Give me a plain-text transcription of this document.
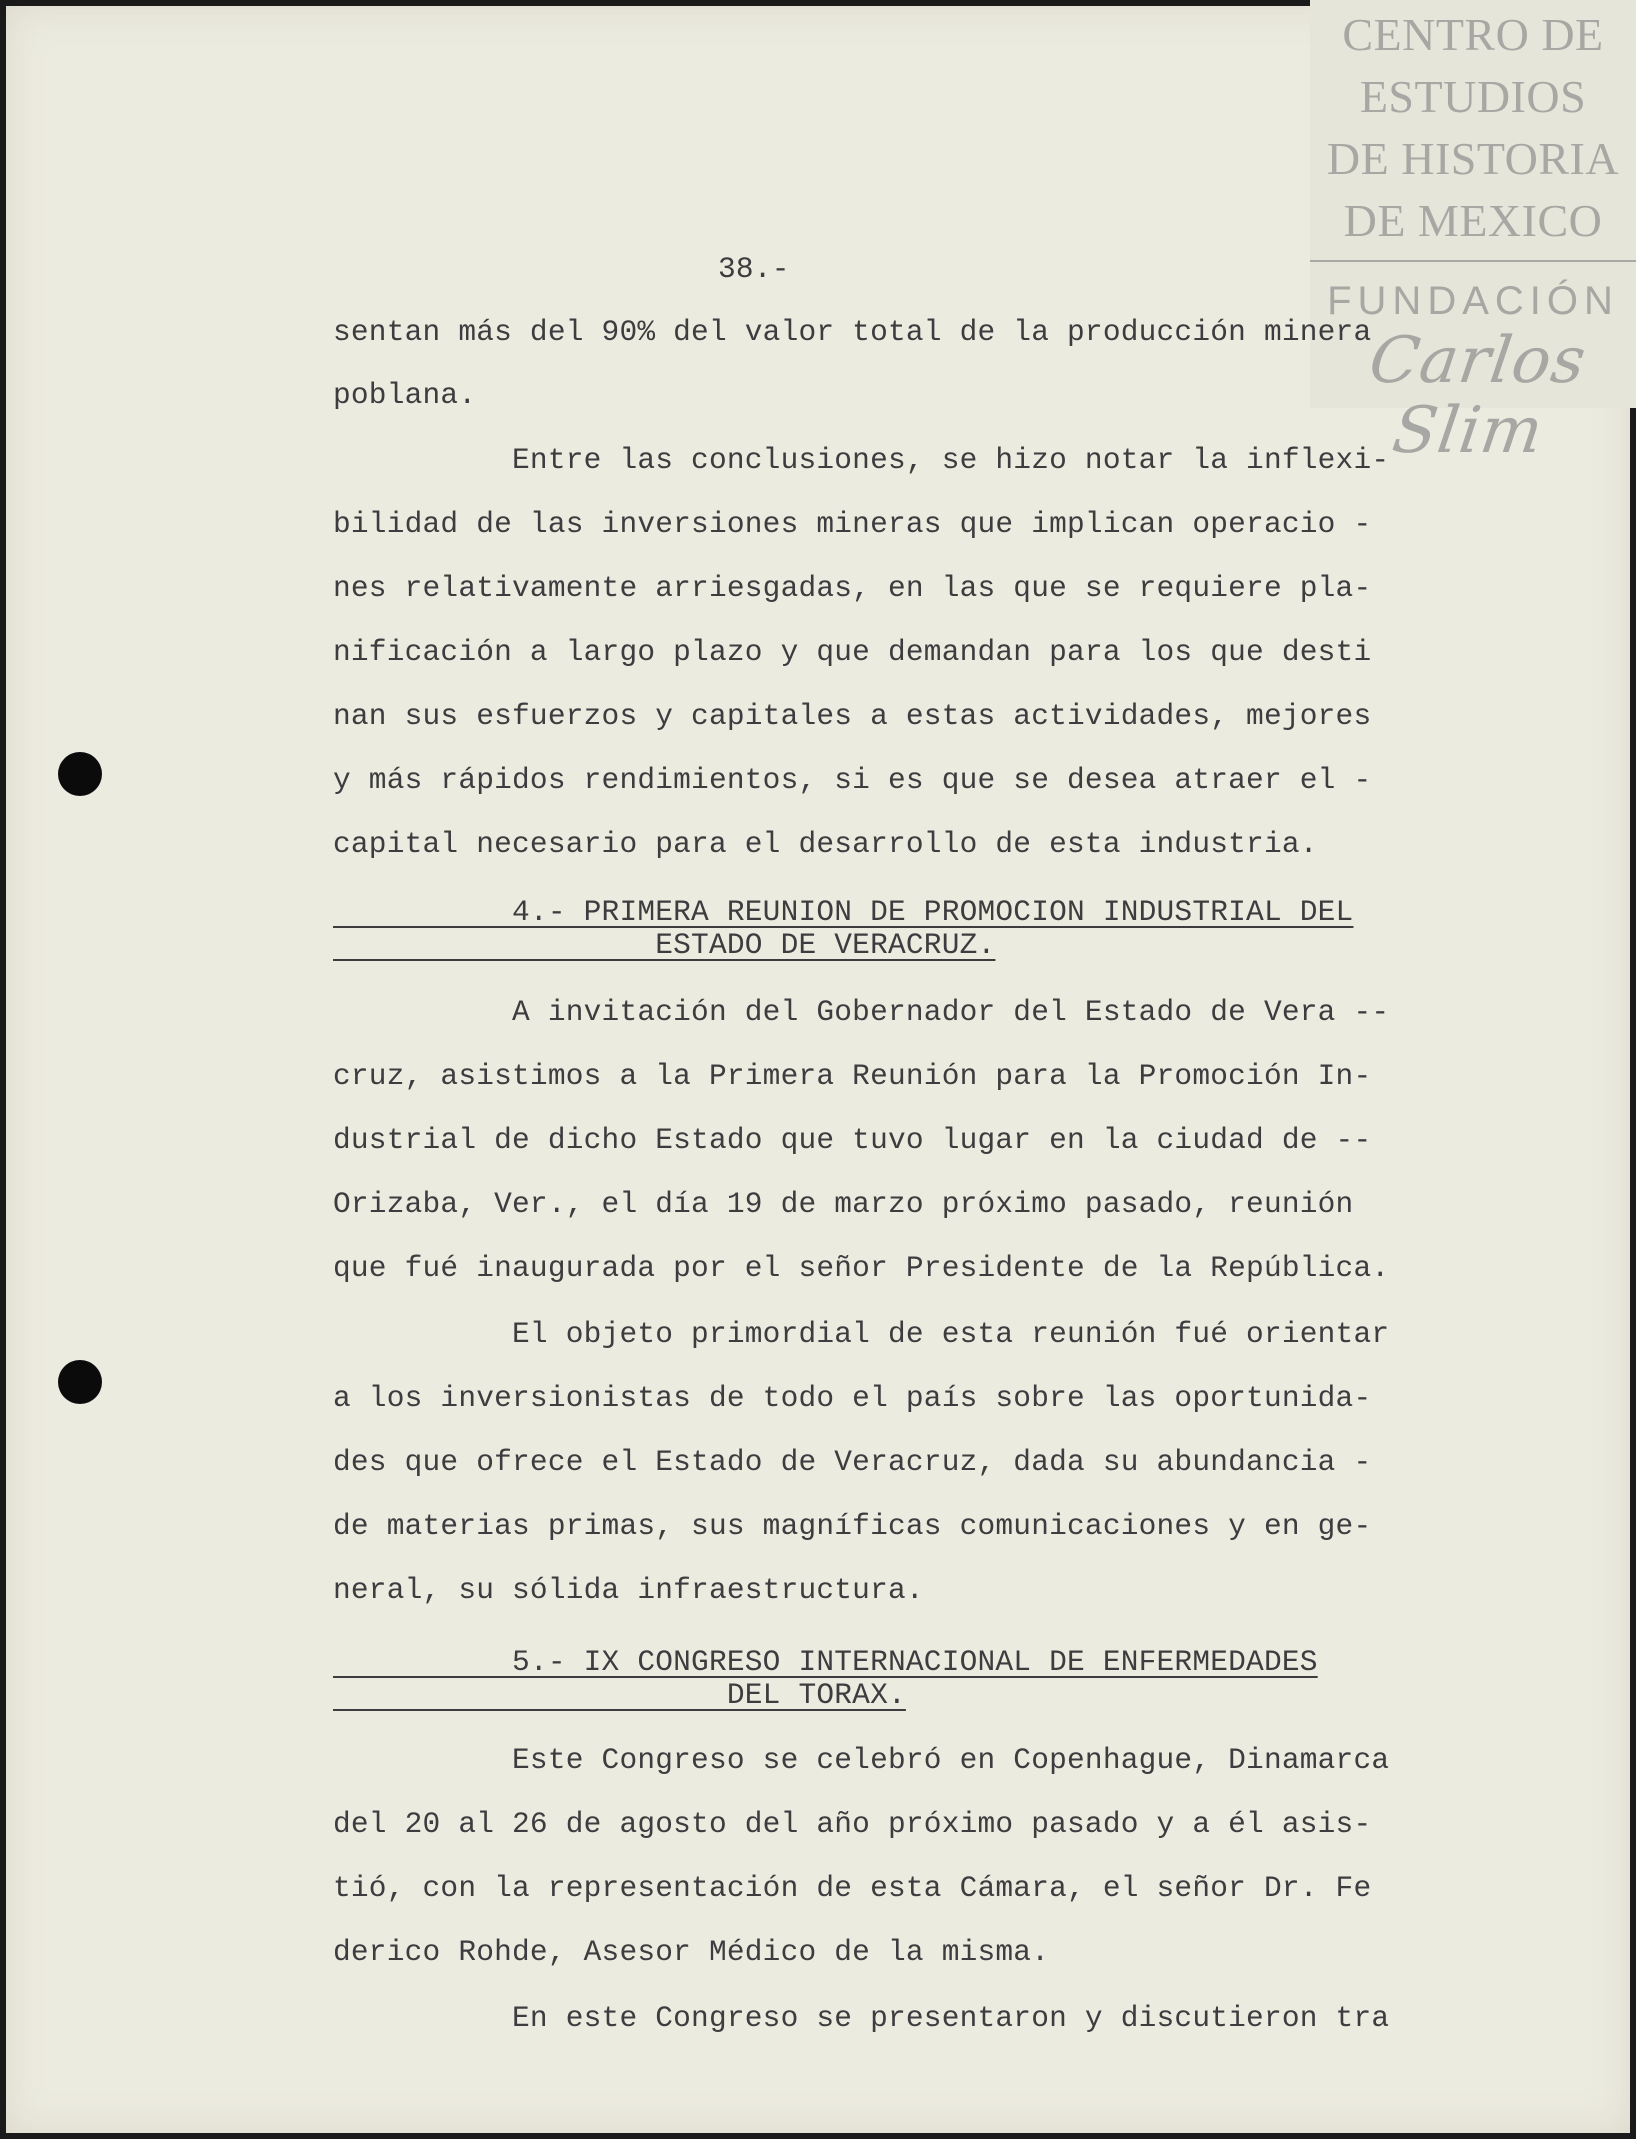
CENTRO DE
ESTUDIOS
DE HISTORIA
DE MEXICO
FUNDACIÓN
Carlos Slim
38.-
sentan más del 90% del valor total de la producción minera
poblana.
Entre las conclusiones, se hizo notar la inflexi-
bilidad de las inversiones mineras que implican operacio -
nes relativamente arriesgadas, en las que se requiere pla-
nificación a largo plazo y que demandan para los que desti
nan sus esfuerzos y capitales a estas actividades, mejores
y más rápidos rendimientos, si es que se desea atraer el -
capital necesario para el desarrollo de esta industria.
4.- PRIMERA REUNION DE PROMOCION INDUSTRIAL DEL
ESTADO DE VERACRUZ.
A invitación del Gobernador del Estado de Vera --
cruz, asistimos a la Primera Reunión para la Promoción In-
dustrial de dicho Estado que tuvo lugar en la ciudad de --
Orizaba, Ver., el día 19 de marzo próximo pasado, reunión
que fué inaugurada por el señor Presidente de la República.
El objeto primordial de esta reunión fué orientar
a los inversionistas de todo el país sobre las oportunida-
des que ofrece el Estado de Veracruz, dada su abundancia -
de materias primas, sus magníficas comunicaciones y en ge-
neral, su sólida infraestructura.
5.- IX CONGRESO INTERNACIONAL DE ENFERMEDADES
DEL TORAX.
Este Congreso se celebró en Copenhague, Dinamarca
del 20 al 26 de agosto del año próximo pasado y a él asis-
tió, con la representación de esta Cámara, el señor Dr. Fe
derico Rohde, Asesor Médico de la misma.
En este Congreso se presentaron y discutieron tra
